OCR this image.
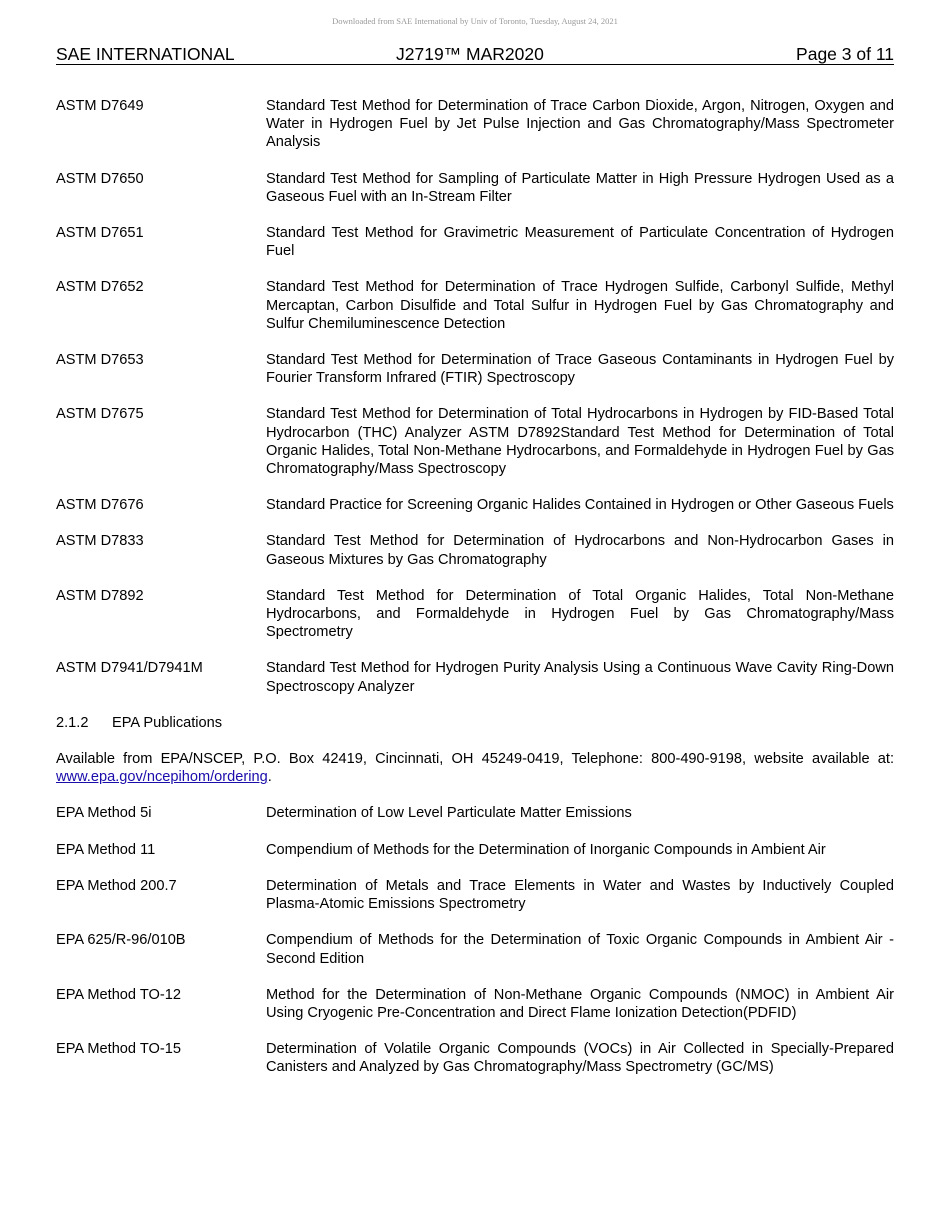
Downloaded from SAE International by Univ of Toronto, Tuesday, August 24, 2021
SAE INTERNATIONAL	J2719™ MAR2020	Page 3 of 11
ASTM D7649	Standard Test Method for Determination of Trace Carbon Dioxide, Argon, Nitrogen, Oxygen and Water in Hydrogen Fuel by Jet Pulse Injection and Gas Chromatography/Mass Spectrometer Analysis
ASTM D7650	Standard Test Method for Sampling of Particulate Matter in High Pressure Hydrogen Used as a Gaseous Fuel with an In-Stream Filter
ASTM D7651	Standard Test Method for Gravimetric Measurement of Particulate Concentration of Hydrogen Fuel
ASTM D7652	Standard Test Method for Determination of Trace Hydrogen Sulfide, Carbonyl Sulfide, Methyl Mercaptan, Carbon Disulfide and Total Sulfur in Hydrogen Fuel by Gas Chromatography and Sulfur Chemiluminescence Detection
ASTM D7653	Standard Test Method for Determination of Trace Gaseous Contaminants in Hydrogen Fuel by Fourier Transform Infrared (FTIR) Spectroscopy
ASTM D7675	Standard Test Method for Determination of Total Hydrocarbons in Hydrogen by FID-Based Total Hydrocarbon (THC) Analyzer ASTM D7892Standard Test Method for Determination of Total Organic Halides, Total Non-Methane Hydrocarbons, and Formaldehyde in Hydrogen Fuel by Gas Chromatography/Mass Spectroscopy
ASTM D7676	Standard Practice for Screening Organic Halides Contained in Hydrogen or Other Gaseous Fuels
ASTM D7833	Standard Test Method for Determination of Hydrocarbons and Non-Hydrocarbon Gases in Gaseous Mixtures by Gas Chromatography
ASTM D7892	Standard Test Method for Determination of Total Organic Halides, Total Non-Methane Hydrocarbons, and Formaldehyde in Hydrogen Fuel by Gas Chromatography/Mass Spectrometry
ASTM D7941/D7941M	Standard Test Method for Hydrogen Purity Analysis Using a Continuous Wave Cavity Ring-Down Spectroscopy Analyzer
2.1.2 EPA Publications
Available from EPA/NSCEP, P.O. Box 42419, Cincinnati, OH 45249-0419, Telephone: 800-490-9198, website available at: www.epa.gov/ncepihom/ordering.
EPA Method 5i	Determination of Low Level Particulate Matter Emissions
EPA Method 11	Compendium of Methods for the Determination of Inorganic Compounds in Ambient Air
EPA Method 200.7	Determination of Metals and Trace Elements in Water and Wastes by Inductively Coupled Plasma-Atomic Emissions Spectrometry
EPA 625/R-96/010B	Compendium of Methods for the Determination of Toxic Organic Compounds in Ambient Air - Second Edition
EPA Method TO-12	Method for the Determination of Non-Methane Organic Compounds (NMOC) in Ambient Air Using Cryogenic Pre-Concentration and Direct Flame Ionization Detection(PDFID)
EPA Method TO-15	Determination of Volatile Organic Compounds (VOCs) in Air Collected in Specially-Prepared Canisters and Analyzed by Gas Chromatography/Mass Spectrometry (GC/MS)
